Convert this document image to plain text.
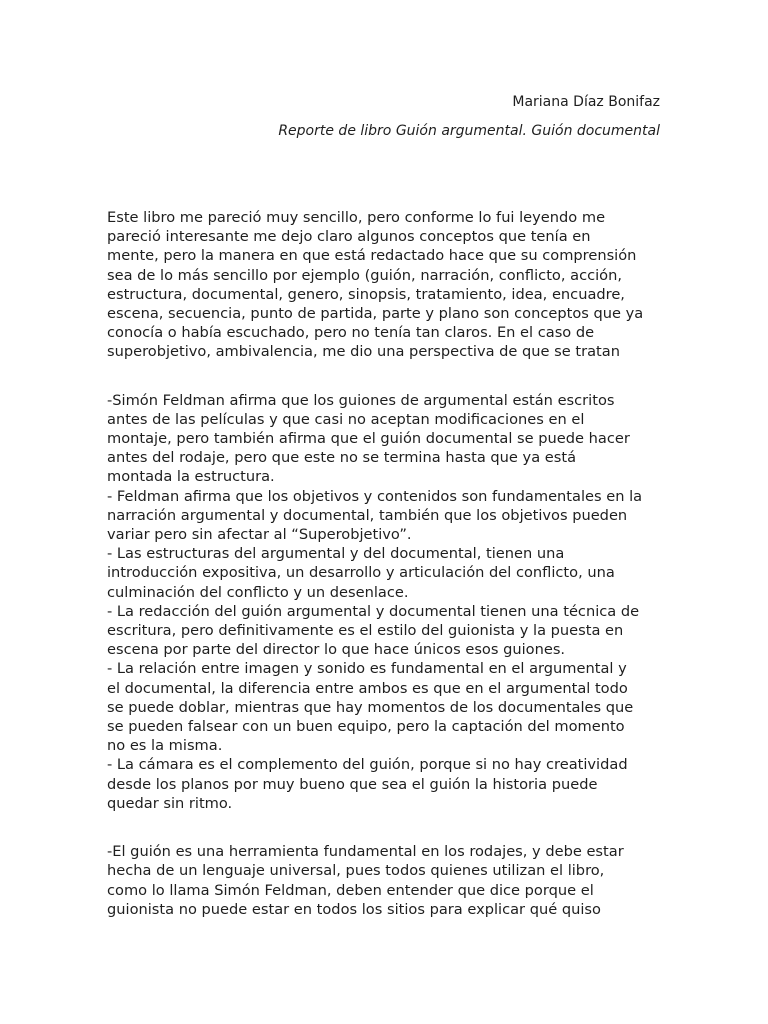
Mariana Díaz Bonifaz
Reporte de libro Guión argumental. Guión documental

Este libro me pareció muy sencillo, pero conforme lo fui leyendo me
pareció interesante me dejo claro algunos conceptos que tenía en
mente, pero la manera en que está redactado hace que su comprensión
sea de lo más sencillo por ejemplo (guión, narración, conflicto, acción,
estructura, documental, genero, sinopsis, tratamiento, idea, encuadre,
escena, secuencia, punto de partida, parte y plano son conceptos que ya
conocía o había escuchado, pero no tenía tan claros. En el caso de
superobjetivo, ambivalencia, me dio una perspectiva de que se tratan

-Simón Feldman afirma que los guiones de argumental están escritos
antes de las películas y que casi no aceptan modificaciones en el
montaje, pero también afirma que el guión documental se puede hacer
antes del rodaje, pero que este no se termina hasta que ya está
montada la estructura.
- Feldman afirma que los objetivos y contenidos son fundamentales en la
narración argumental y documental, también que los objetivos pueden
variar pero sin afectar al “Superobjetivo”.
- Las estructuras del argumental y del documental, tienen una
introducción expositiva, un desarrollo y articulación del conflicto, una
culminación del conflicto y un desenlace.
- La redacción del guión argumental y documental tienen una técnica de
escritura, pero definitivamente es el estilo del guionista y la puesta en
escena por parte del director lo que hace únicos esos guiones.
- La relación entre imagen y sonido es fundamental en el argumental y
el documental, la diferencia entre ambos es que en el argumental todo
se puede doblar, mientras que hay momentos de los documentales que
se pueden falsear con un buen equipo, pero la captación del momento
no es la misma.
- La cámara es el complemento del guión, porque si no hay creatividad
desde los planos por muy bueno que sea el guión la historia puede
quedar sin ritmo.

-El guión es una herramienta fundamental en los rodajes, y debe estar
hecha de un lenguaje universal, pues todos quienes utilizan el libro,
como lo llama Simón Feldman, deben entender que dice porque el
guionista no puede estar en todos los sitios para explicar qué quiso
